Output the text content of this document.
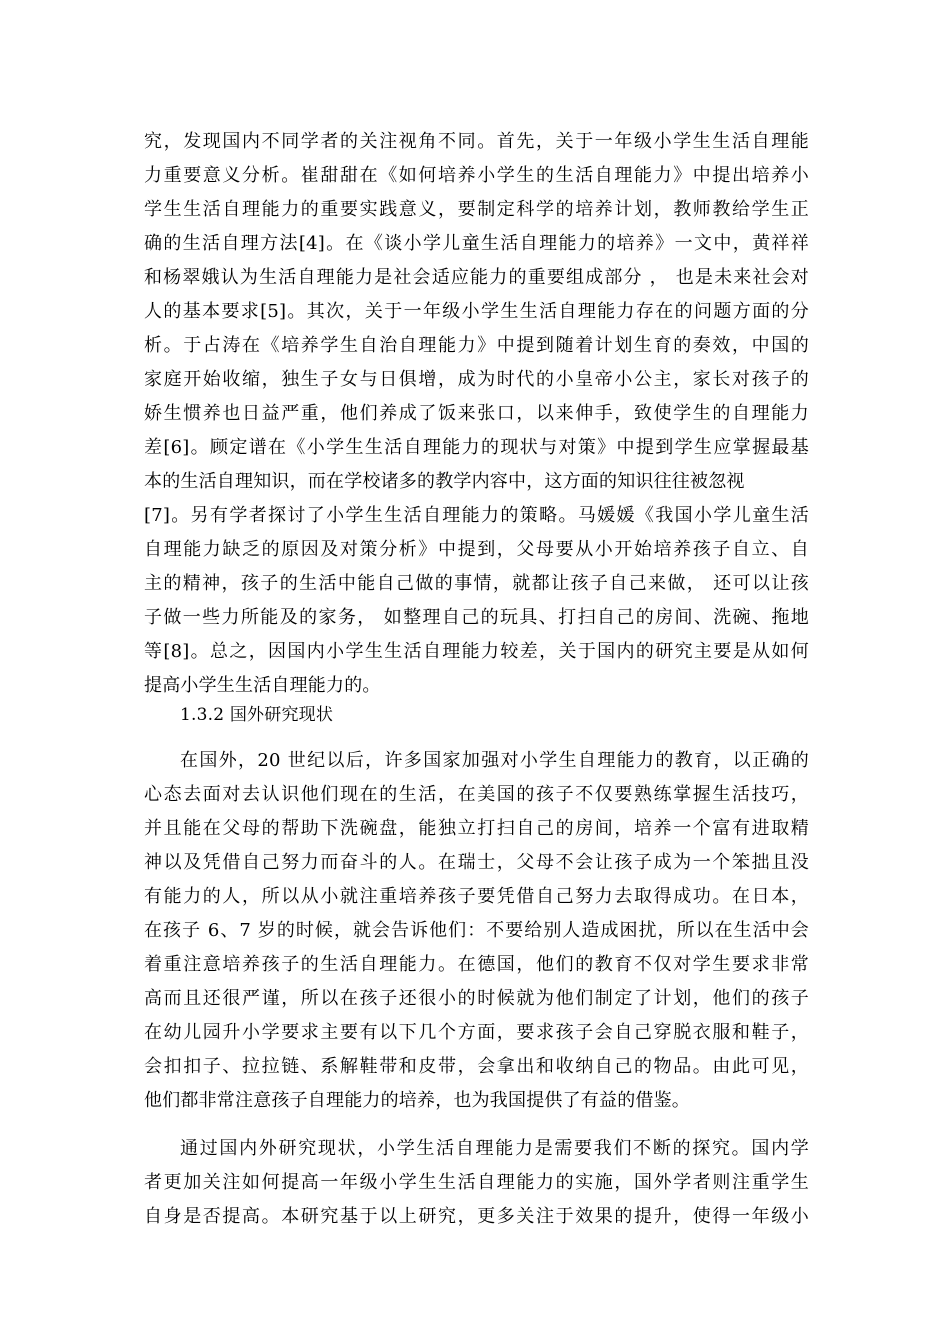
究，发现国内不同学者的关注视角不同。首先，关于一年级小学生生活自理能
力重要意义分析。崔甜甜在《如何培养小学生的生活自理能力》中提出培养小
学生生活自理能力的重要实践意义，要制定科学的培养计划，教师教给学生正
确的生活自理方法[4]。在《谈小学儿童生活自理能力的培养》一文中，黄祥祥
和杨翠娥认为生活自理能力是社会适应能力的重要组成部分 ， 也是未来社会对
人的基本要求[5]。其次，关于一年级小学生生活自理能力存在的问题方面的分
析。于占涛在《培养学生自治自理能力》中提到随着计划生育的奏效，中国的
家庭开始收缩，独生子女与日俱增，成为时代的小皇帝小公主，家长对孩子的
娇生惯养也日益严重，他们养成了饭来张口，以来伸手，致使学生的自理能力
差[6]。顾定谱在《小学生生活自理能力的现状与对策》中提到学生应掌握最基
本的生活自理知识，而在学校诸多的教学内容中，这方面的知识往往被忽视
[7]。另有学者探讨了小学生生活自理能力的策略。马媛媛《我国小学儿童生活
自理能力缺乏的原因及对策分析》中提到，父母要从小开始培养孩子自立、自
主的精神，孩子的生活中能自己做的事情，就都让孩子自己来做， 还可以让孩
子做一些力所能及的家务， 如整理自己的玩具、打扫自己的房间、洗碗、拖地
等[8]。总之，因国内小学生生活自理能力较差，关于国内的研究主要是从如何
提高小学生生活自理能力的。
1.3.2 国外研究现状
在国外，20 世纪以后，许多国家加强对小学生自理能力的教育，以正确的
心态去面对去认识他们现在的生活，在美国的孩子不仅要熟练掌握生活技巧，
并且能在父母的帮助下洗碗盘，能独立打扫自己的房间，培养一个富有进取精
神以及凭借自己努力而奋斗的人。在瑞士，父母不会让孩子成为一个笨拙且没
有能力的人，所以从小就注重培养孩子要凭借自己努力去取得成功。在日本，
在孩子 6、7 岁的时候，就会告诉他们：不要给别人造成困扰，所以在生活中会
着重注意培养孩子的生活自理能力。在德国，他们的教育不仅对学生要求非常
高而且还很严谨，所以在孩子还很小的时候就为他们制定了计划，他们的孩子
在幼儿园升小学要求主要有以下几个方面，要求孩子会自己穿脱衣服和鞋子，
会扣扣子、拉拉链、系解鞋带和皮带，会拿出和收纳自己的物品。由此可见，
他们都非常注意孩子自理能力的培养，也为我国提供了有益的借鉴。
通过国内外研究现状，小学生活自理能力是需要我们不断的探究。国内学
者更加关注如何提高一年级小学生生活自理能力的实施，国外学者则注重学生
自身是否提高。本研究基于以上研究，更多关注于效果的提升，使得一年级小
